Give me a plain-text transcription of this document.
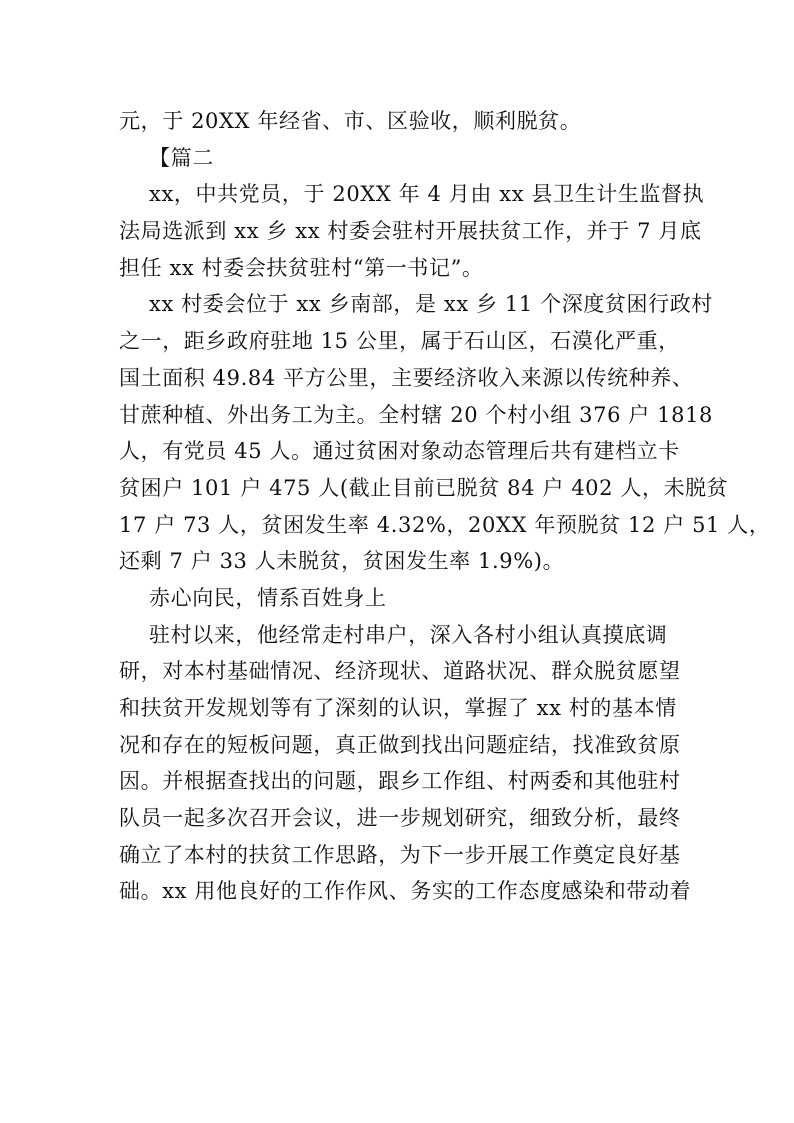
元，于 20XX 年经省、市、区验收，顺利脱贫。
【篇二
xx，中共党员，于 20XX 年 4 月由 xx 县卫生计生监督执
法局选派到 xx 乡 xx 村委会驻村开展扶贫工作，并于 7 月底
担任 xx 村委会扶贫驻村“第一书记”。
xx 村委会位于 xx 乡南部，是 xx 乡 11 个深度贫困行政村
之一，距乡政府驻地 15 公里，属于石山区，石漠化严重，
国土面积 49.84 平方公里，主要经济收入来源以传统种养、
甘蔗种植、外出务工为主。全村辖 20 个村小组 376 户 1818
人，有党员 45 人。通过贫困对象动态管理后共有建档立卡
贫困户 101 户 475 人(截止目前已脱贫 84 户 402 人，未脱贫
17 户 73 人，贫困发生率 4.32%，20XX 年预脱贫 12 户 51 人，
还剩 7 户 33 人未脱贫，贫困发生率 1.9%)。
赤心向民，情系百姓身上
驻村以来，他经常走村串户，深入各村小组认真摸底调
研，对本村基础情况、经济现状、道路状况、群众脱贫愿望
和扶贫开发规划等有了深刻的认识，掌握了 xx 村的基本情
况和存在的短板问题，真正做到找出问题症结，找准致贫原
因。并根据查找出的问题，跟乡工作组、村两委和其他驻村
队员一起多次召开会议，进一步规划研究，细致分析，最终
确立了本村的扶贫工作思路，为下一步开展工作奠定良好基
础。xx 用他良好的工作作风、务实的工作态度感染和带动着
